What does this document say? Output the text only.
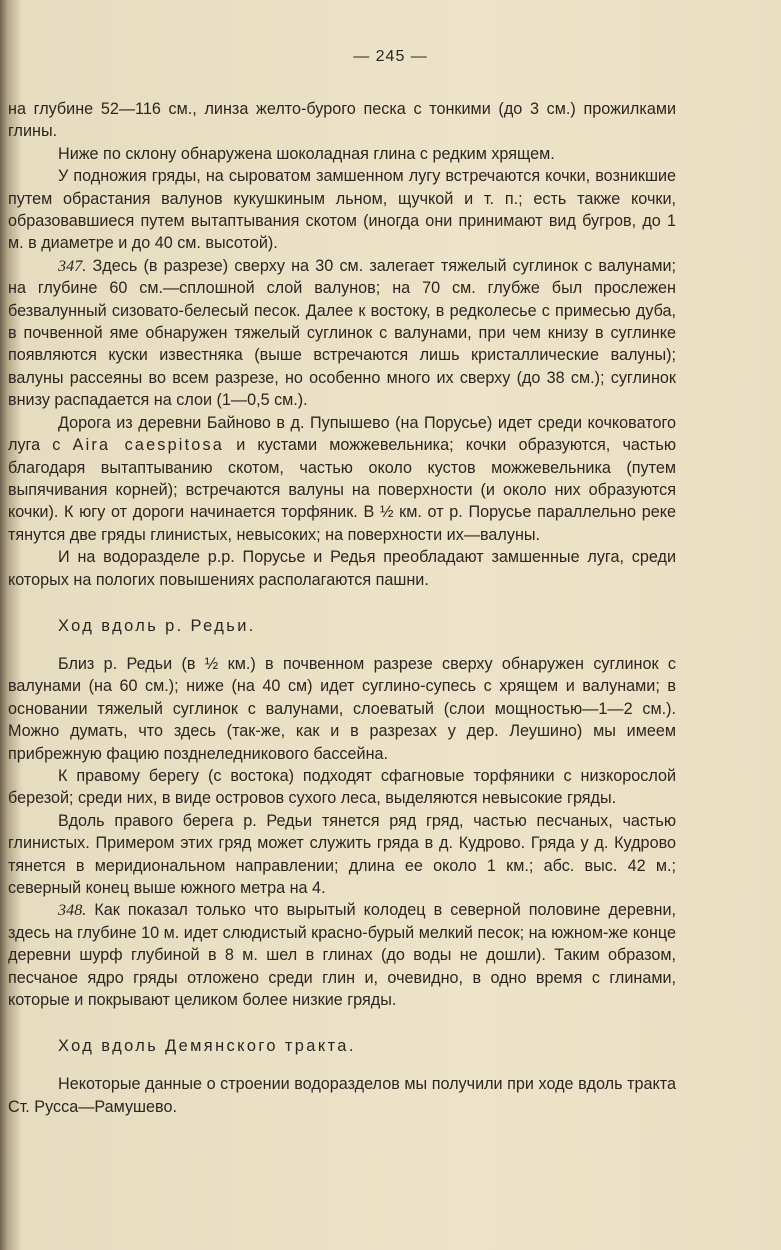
— 245 —

на глубине 52—116 см., линза желто-бурого песка с тонкими (до 3 см.) прожилками глины.

Ниже по склону обнаружена шоколадная глина с редким хрящем.

У подножия гряды, на сыроватом замшенном лугу встречаются кочки, возникшие путем обрастания валунов кукушкиным льном, щучкой и т. п.; есть также кочки, образовавшиеся путем вытаптывания скотом (иногда они принимают вид бугров, до 1 м. в диаметре и до 40 см. высотой).

347. Здесь (в разрезе) сверху на 30 см. залегает тяжелый суглинок с валунами; на глубине 60 см.—сплошной слой валунов; на 70 см. глубже был прослежен безвалунный сизовато-белесый песок. Далее к востоку, в редколесье с примесью дуба, в почвенной яме обнаружен тяжелый суглинок с валунами, при чем книзу в суглинке появляются куски известняка (выше встречаются лишь кристаллические валуны); валуны рассеяны во всем разрезе, но особенно много их сверху (до 38 см.); суглинок внизу распадается на слои (1—0,5 см.).

Дорога из деревни Байново в д. Пупышево (на Порусье) идет среди кочковатого луга с Aira caespitosa и кустами можжевельника; кочки образуются, частью благодаря вытаптыванию скотом, частью около кустов можжевельника (путем выпячивания корней); встречаются валуны на поверхности (и около них образуются кочки). К югу от дороги начинается торфяник. В ½ км. от р. Порусье параллельно реке тянутся две гряды глинистых, невысоких; на поверхности их—валуны.

И на водоразделе р.р. Порусье и Редья преобладают замшенные луга, среди которых на пологих повышениях располагаются пашни.

Ход вдоль р. Редьи.

Близ р. Редьи (в ½ км.) в почвенном разрезе сверху обнаружен суглинок с валунами (на 60 см.); ниже (на 40 см) идет суглино-супесь с хрящем и валунами; в основании тяжелый суглинок с валунами, слоеватый (слои мощностью—1—2 см.). Можно думать, что здесь (так-же, как и в разрезах у дер. Леушино) мы имеем прибрежную фацию позднеледникового бассейна.

К правому берегу (с востока) подходят сфагновые торфяники с низкорослой березой; среди них, в виде островов сухого леса, выделяются невысокие гряды.

Вдоль правого берега р. Редьи тянется ряд гряд, частью песчаных, частью глинистых. Примером этих гряд может служить гряда в д. Кудрово. Гряда у д. Кудрово тянется в меридиональном направлении; длина ее около 1 км.; абс. выс. 42 м.; северный конец выше южного метра на 4.

348. Как показал только что вырытый колодец в северной половине деревни, здесь на глубине 10 м. идет слюдистый красно-бурый мелкий песок; на южном-же конце деревни шурф глубиной в 8 м. шел в глинах (до воды не дошли). Таким образом, песчаное ядро гряды отложено среди глин и, очевидно, в одно время с глинами, которые и покрывают целиком более низкие гряды.

Ход вдоль Демянского тракта.

Некоторые данные о строении водоразделов мы получили при ходе вдоль тракта Ст. Русса—Рамушево.
